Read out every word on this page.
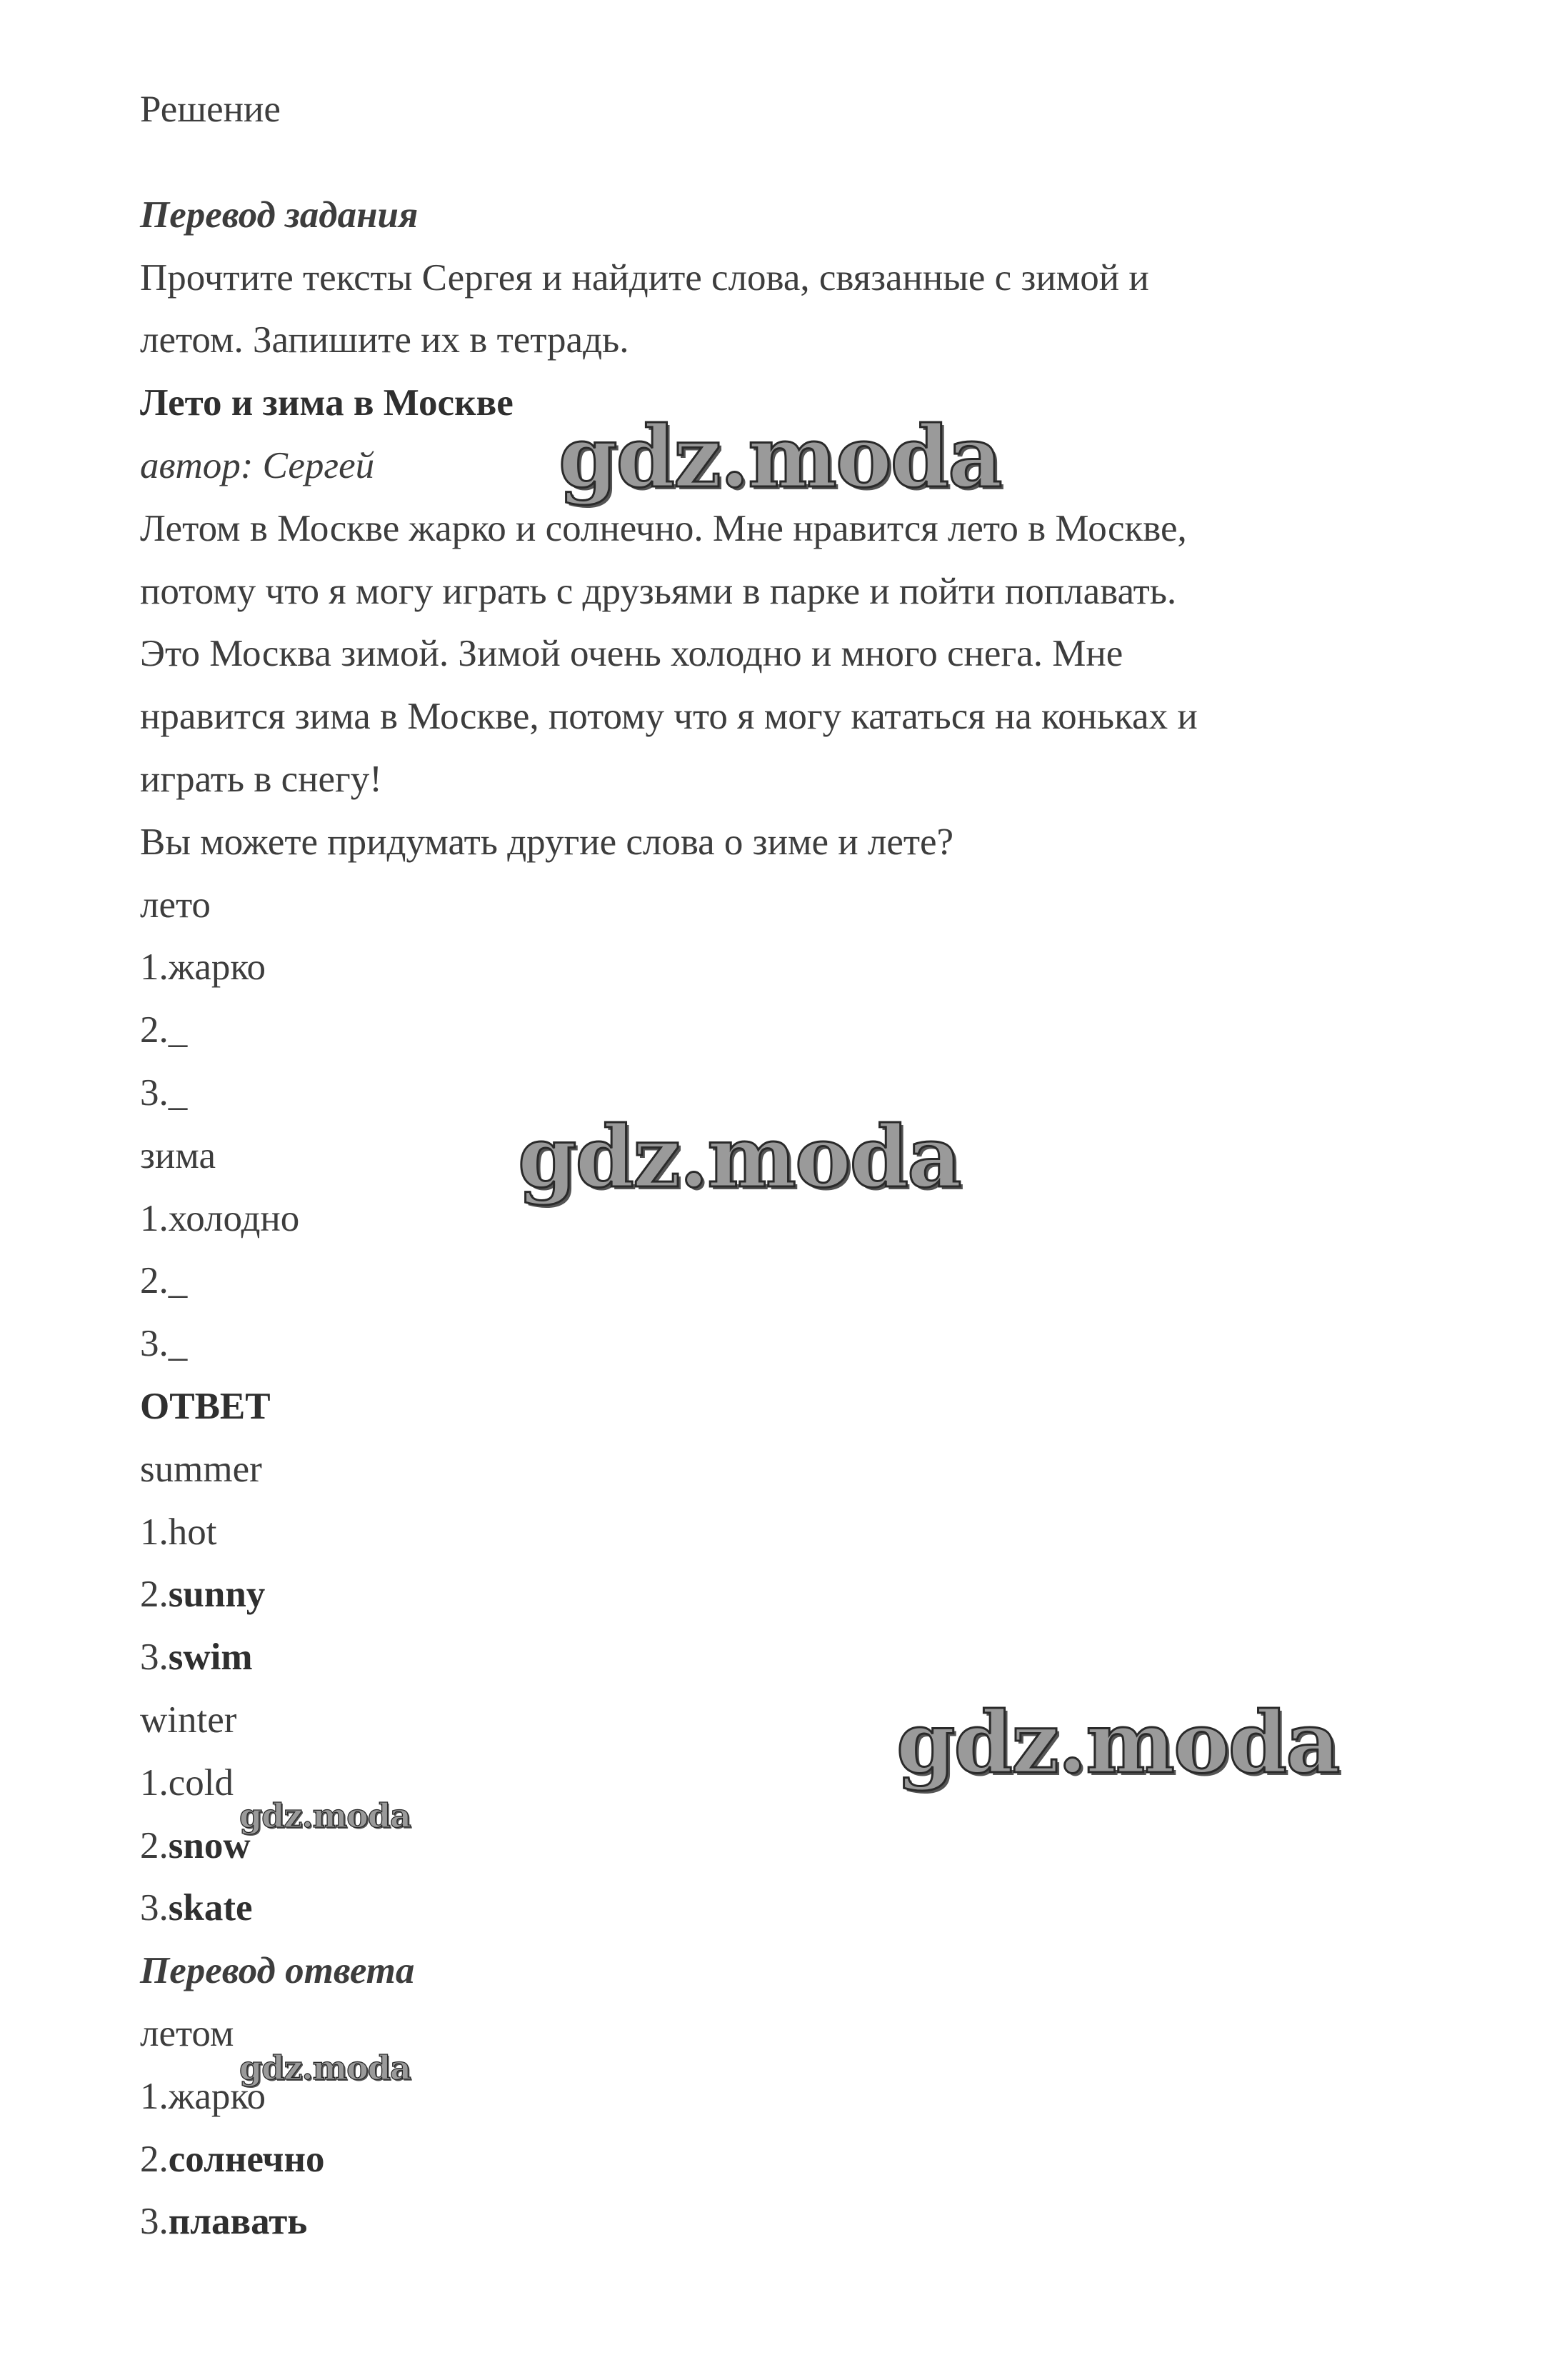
Решение
Перевод задания
Прочтите тексты Сергея и найдите слова, связанные с зимой и
летом. Запишите их в тетрадь.
Лето и зима в Москве
автор: Сергей
Летом в Москве жарко и солнечно. Мне нравится лето в Москве,
потому что я могу играть с друзьями в парке и пойти поплавать.
Это Москва зимой. Зимой очень холодно и много снега. Мне
нравится зима в Москве, потому что я могу кататься на коньках и
играть в снегу!
Вы можете придумать другие слова о зиме и лете?
лето
1.жарко
2._
3._
зима
1.холодно
2._
3._
ОТВЕТ
summer
1.hot
2.sunny
3.swim
winter
1.cold
2.snow
3.skate
Перевод ответа
летом
1.жарко
2.солнечно
3.плавать
gdz.moda
gdz.moda
gdz.moda
gdz.moda
gdz.moda
